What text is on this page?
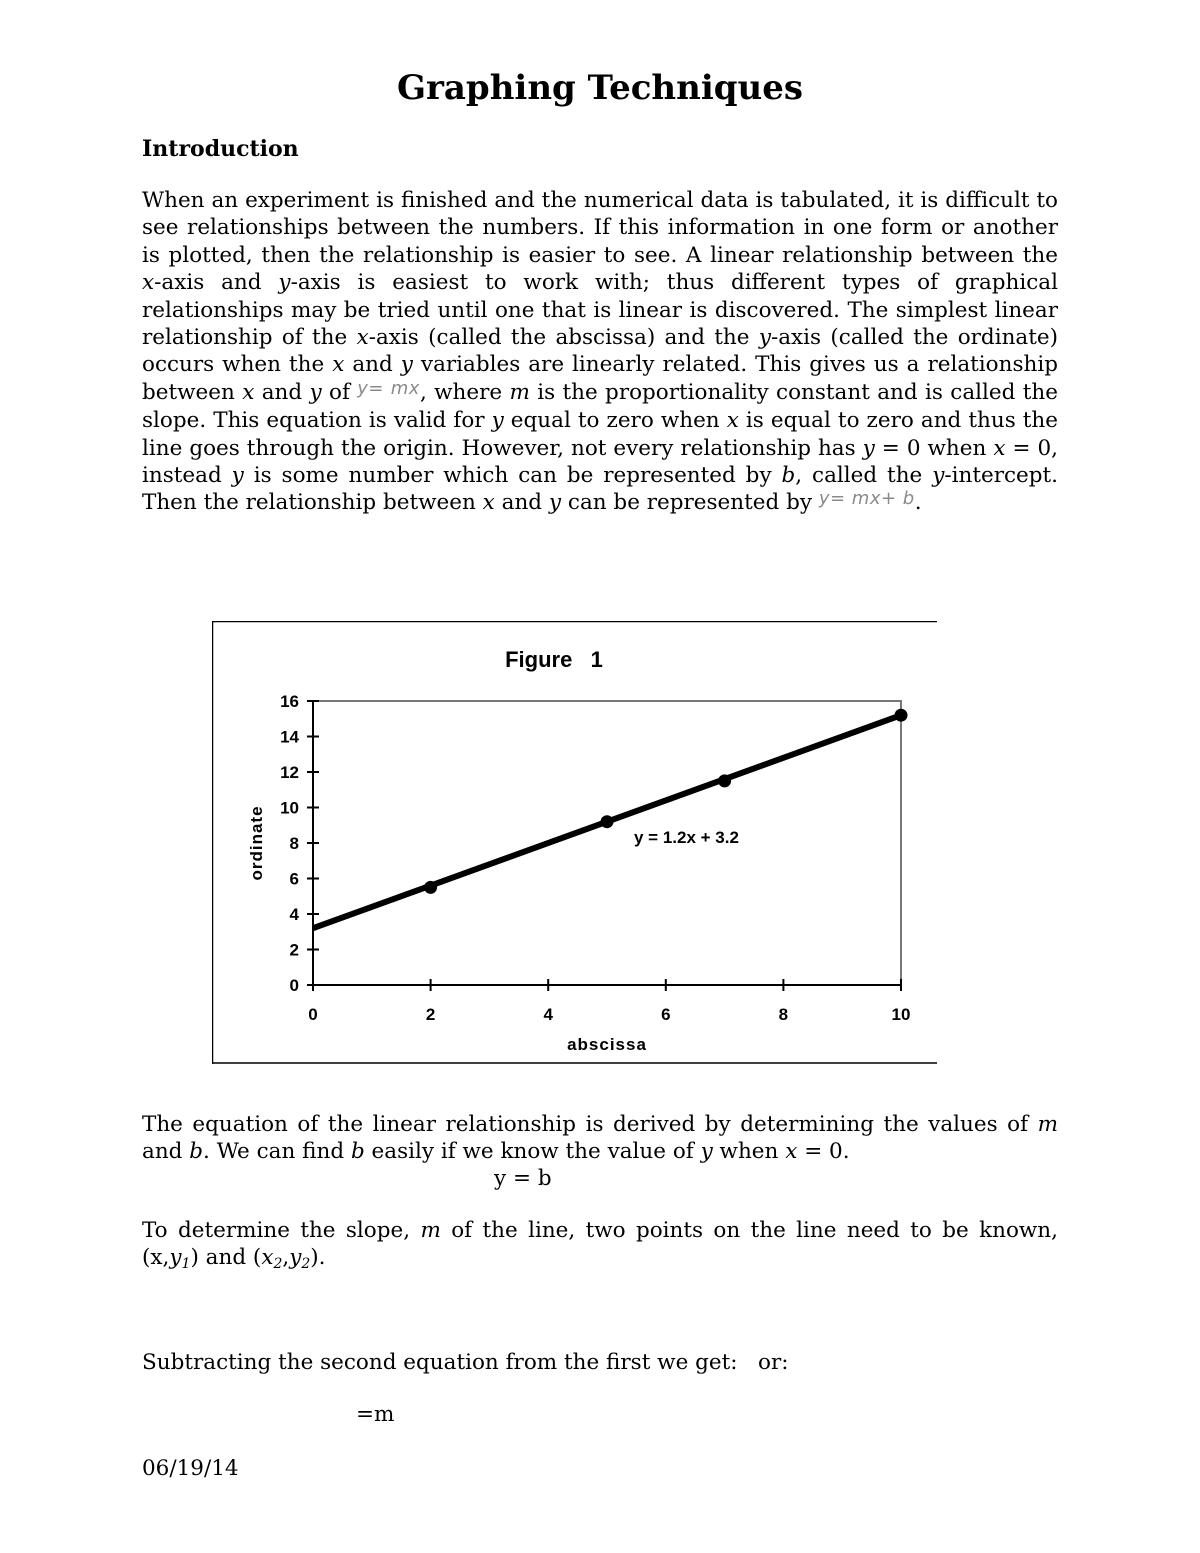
Graphing Techniques
Introduction

When an experiment is finished and the numerical data is tabulated, it is difficult to see relationships between the numbers. If this information in one form or another is plotted, then the relationship is easier to see. A linear relationship between the x-axis and y-axis is easiest to work with; thus different types of graphical relationships may be tried until one that is linear is discovered. The simplest linear relationship of the x-axis (called the abscissa) and the y-axis (called the ordinate) occurs when the x and y variables are linearly related. This gives us a relationship between x and y of $^{y= mx}$, where m is the proportionality constant and is called the slope. This equation is valid for y equal to zero when x is equal to zero and thus the line goes through the origin. However, not every relationship has y = 0 when x = 0, instead y is some number which can be represented by b, called the y-intercept. Then the relationship between x and y can be represented by $^{y= mx+ b}$.

Figure   1
0
2
4
6
8
10
12
14
16
0	2	4	6	8	10
y = 1.2x + 3.2
abscissa
ordinate

The equation of the linear relationship is derived by determining the values of m and b. We can find b easily if we know the value of y when x = 0.

y = b

To determine the slope, m of the line, two points on the line need to be known, (x,y1) and (x2,y2).

Subtracting the second equation from the first we get:   or:

=m

06/19/14
